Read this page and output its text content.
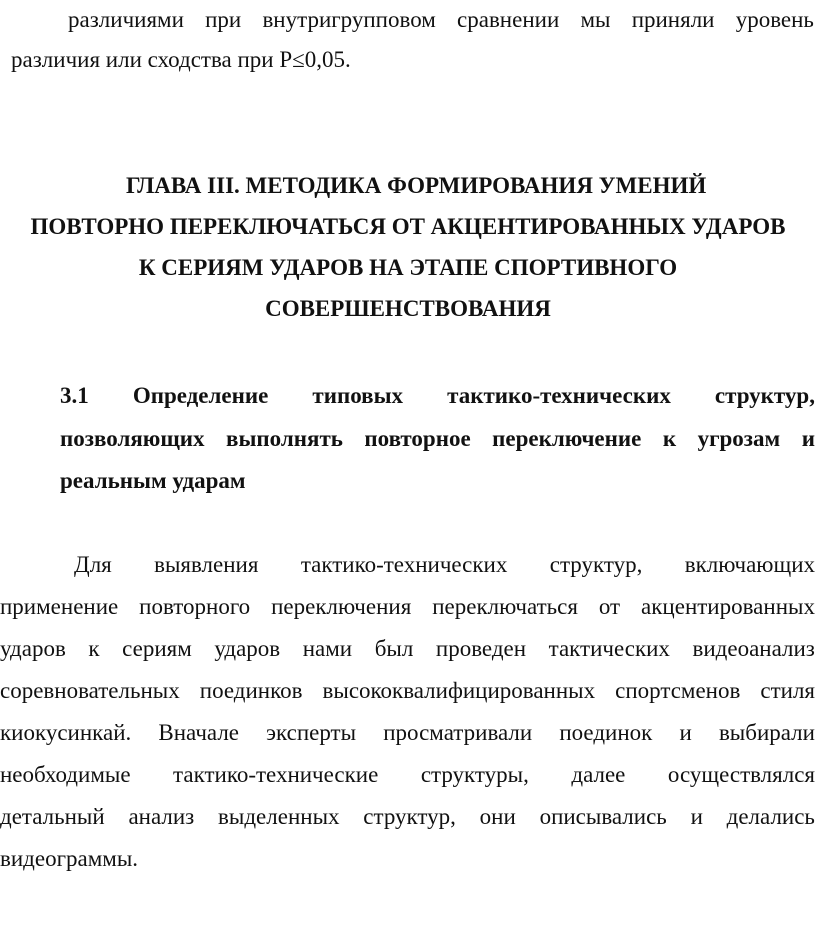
различиями при внутригрупповом сравнении мы приняли уровень
различия или сходства при Р≤0,05.
ГЛАВА III. МЕТОДИКА ФОРМИРОВАНИЯ УМЕНИЙ
ПОВТОРНО ПЕРЕКЛЮЧАТЬСЯ ОТ АКЦЕНТИРОВАННЫХ УДАРОВ
К СЕРИЯМ УДАРОВ НА ЭТАПЕ СПОРТИВНОГО
СОВЕРШЕНСТВОВАНИЯ
3.1 Определение типовых тактико-технических структур,
позволяющих выполнять повторное переключение к угрозам и
реальным ударам
Для выявления тактико-технических структур, включающих
применение повторного переключения переключаться от акцентированных
ударов к сериям ударов нами был проведен тактических видеоанализ
соревновательных поединков высококвалифицированных спортсменов стиля
киокусинкай. Вначале эксперты просматривали поединок и выбирали
необходимые тактико-технические структуры, далее осуществлялся
детальный анализ выделенных структур, они описывались и делались
видеограммы.
